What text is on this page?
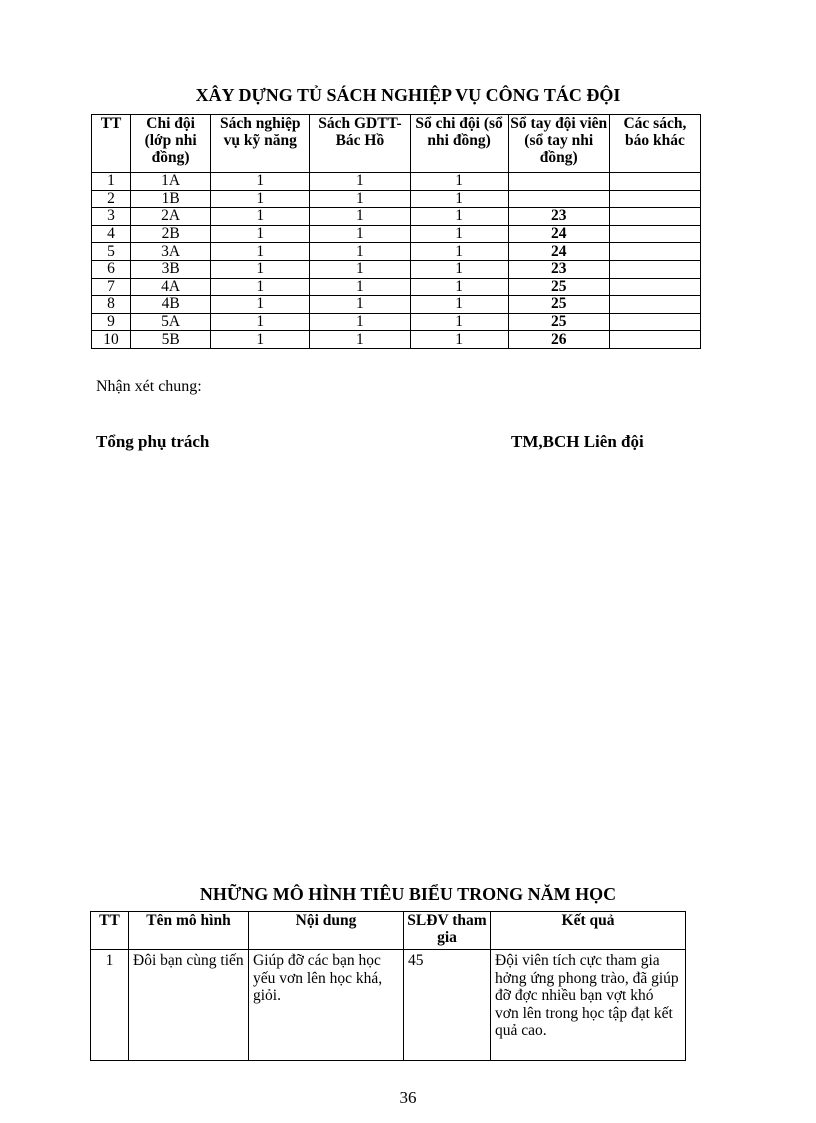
XÂY DỰNG TỦ SÁCH NGHIỆP VỤ CÔNG TÁC ĐỘI
TT	Chi đội (lớp nhi đồng)	Sách nghiệp vụ kỹ năng	Sách GDTT- Bác Hồ	Sổ chi đội (sổ nhi đồng)	Sổ tay đội viên (sổ tay nhi đồng)	Các sách, báo khác
1	1A	1	1	1		
2	1B	1	1	1		
3	2A	1	1	1	23	
4	2B	1	1	1	24	
5	3A	1	1	1	24	
6	3B	1	1	1	23	
7	4A	1	1	1	25	
8	4B	1	1	1	25	
9	5A	1	1	1	25	
10	5B	1	1	1	26	
Nhận xét chung:
Tổng phụ trách	TM,BCH Liên đội
NHỮNG MÔ HÌNH TIÊU BIỂU TRONG NĂM HỌC
TT	Tên mô hình	Nội dung	SLĐV tham gia	Kết quả
1	Đôi bạn cùng tiến	Giúp đỡ các bạn học yếu vơn lên học khá, giỏi.	45	Đội viên tích cực tham gia hởng ứng phong trào, đã giúp đỡ đợc nhiều bạn vợt khó vơn lên trong học tập đạt kết quả cao.
36
